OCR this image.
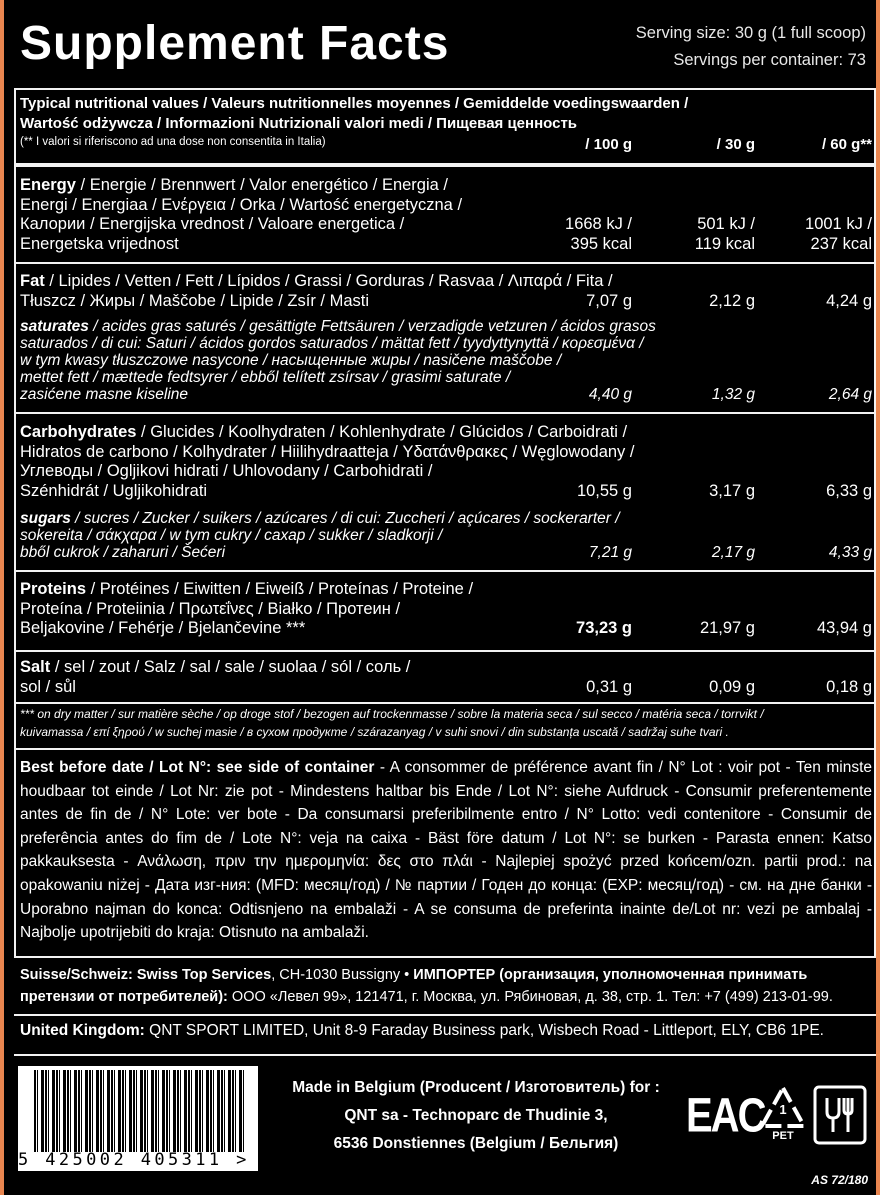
Supplement Facts	Serving size: 30 g (1 full scoop)
Servings per container: 73
Typical nutritional values / Valeurs nutritionnelles moyennes / Gemiddelde voedingswaarden /
Wartość odżywcza / Informazioni Nutrizionali valori medi / Пищевая ценность
(** I valori si riferiscono ad una dose non consentita in Italia)	/ 100 g	/ 30 g	/ 60 g**
Energy / Energie / Brennwert / Valor energético / Energia /
Energi / Energiaa / Ενέργεια / Orka / Wartość energetyczna /
Калории / Energijska vrednost / Valoare energetica /	1668 kJ /	501 kJ /	1001 kJ /
Energetska vrijednost	395 kcal	119 kcal	237 kcal
Fat / Lipides / Vetten / Fett / Lípidos / Grassi / Gorduras / Rasvaa / Λιπαρά / Fita /
Tłuszcz / Жиры / Maščobe / Lipide / Zsír / Masti	7,07 g	2,12 g	4,24 g
saturates / acides gras saturés / gesättigte Fettsäuren / verzadigde vetzuren / ácidos grasos
saturados / di cui: Saturi / ácidos gordos saturados / mättat fett / tyydyttynyttä / κορεσμένα /
w tym kwasy tłuszczowe nasycone / насыщенные жиры / nasičene maščobe /
mettet fett / mættede fedtsyrer / ebből telített zsírsav / grasimi saturate /
zasićene masne kiseline	4,40 g	1,32 g	2,64 g
Carbohydrates / Glucides / Koolhydraten / Kohlenhydrate / Glúcidos / Carboidrati /
Hidratos de carbono / Kolhydrater / Hiilihydraatteja / Υδατάνθρακες / Węglowodany /
Углеводы / Ogljikovi hidrati / Uhlovodany / Carbohidrati /
Szénhidrát / Ugljikohidrati	10,55 g	3,17 g	6,33 g
sugars / sucres / Zucker / suikers / azúcares / di cui: Zuccheri / açúcares / sockerarter /
sokereita / σάκχαρα / w tym cukry / сахар / sukker / sladkorji /
bből cukrok / zaharuri / Šećeri	7,21 g	2,17 g	4,33 g
Proteins / Protéines / Eiwitten / Eiweiß / Proteínas / Proteine /
Proteína / Proteiinia / Πρωτεΐνες / Białko / Протеин /
Beljakovine / Fehérje / Bjelančevine ***	73,23 g	21,97 g	43,94 g
Salt / sel / zout / Salz / sal / sale / suolaa / sól / соль /
sol / sůl	0,31 g	0,09 g	0,18 g
*** on dry matter / sur matière sèche / op droge stof / bezogen auf trockenmasse / sobre la materia seca / sul secco / matéria seca / torrvikt /
kuivamassa / επί ξηρού / w suchej masie / в сухом продукте / szárazanyag / v suhi snovi / din substanța uscată / sadržaj suhe tvari .
Best before date / Lot N°: see side of container - A consommer de préférence avant fin / N° Lot : voir pot - Ten minste houdbaar tot einde / Lot Nr: zie pot - Mindestens haltbar bis Ende / Lot N°: siehe Aufdruck - Consumir preferentemente antes de fin de / N° Lote: ver bote - Da consumarsi preferibilmente entro / N° Lotto: vedi contenitore - Consumir de preferência antes do fim de / Lote N°: veja na caixa - Bäst före datum / Lot N°: se burken - Parasta ennen: Katso pakkauksesta - Ανάλωση, πριν την ημερομηνία: δες στο πλάι - Najlepiej spożyć przed końcem/ozn. partii prod.: na opakowaniu niżej - Дата изг-ния: (MFD: месяц/год) / № партии / Годен до конца: (EXP: месяц/год) - см. на дне банки - Uporabno najman do konca: Odtisnjeno na embalaži - A se consuma de preferinta inainte de/Lot nr: vezi pe ambalaj - Najbolje upotrijebiti do kraja: Otisnuto na ambalaži.
Suisse/Schweiz: Swiss Top Services, CH-1030 Bussigny • ИМПОРТЕР (организация, уполномоченная принимать претензии от потребителей): ООО «Левел 99», 121471, г. Москва, ул. Рябиновая, д. 38, стр. 1. Тел: +7 (499) 213-01-99.
United Kingdom: QNT SPORT LIMITED, Unit 8-9 Faraday Business park, Wisbech Road - Littleport, ELY, CB6 1PE.
5 425002 405311 >
Made in Belgium (Producent / Изготовитель) for :
QNT sa - Technoparc de Thudinie 3,
6536 Donstiennes (Belgium / Бельгия)
EAC	1
PET
AS 72/180
